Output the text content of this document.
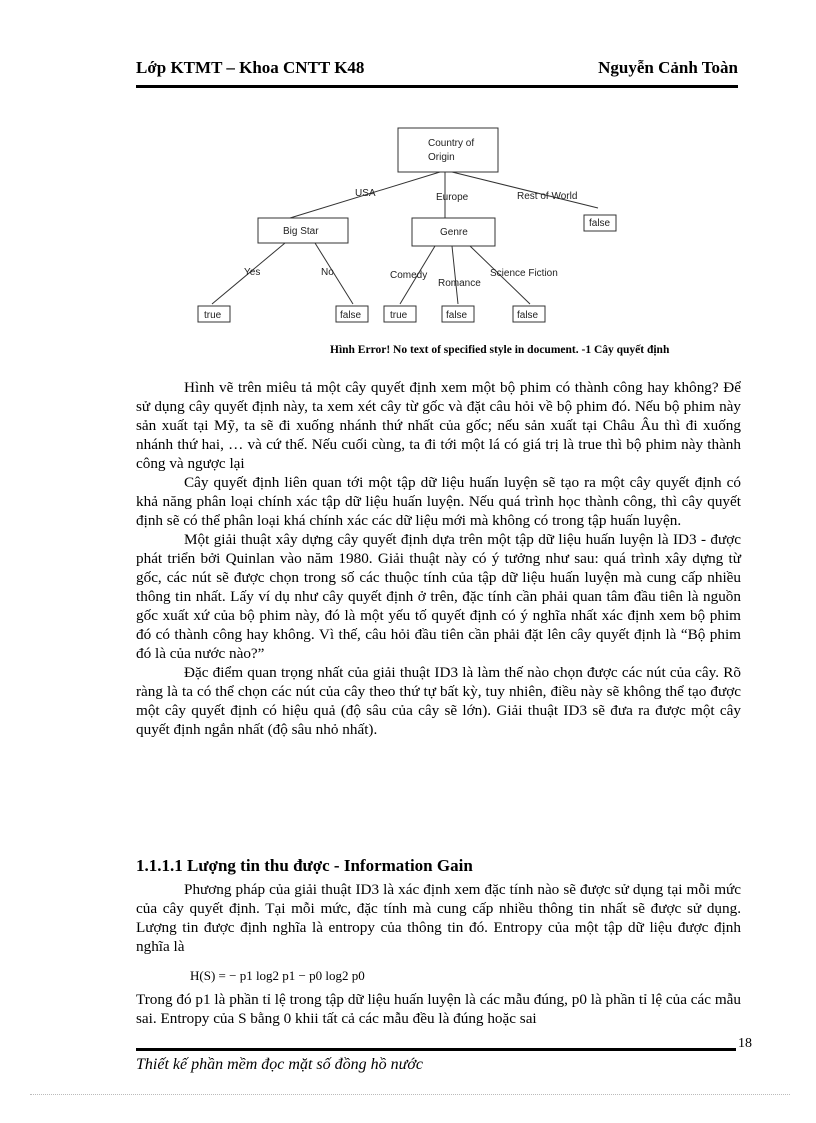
Lớp KTMT – Khoa CNTT K48	Nguyễn Cảnh Toàn
Country of
Origin
USA	Europe	Rest of World
Big Star	Genre
false
Yes	No	Comedy
Romance
Science Fiction
true	false	true	false	false
Hình Error! No text of specified style in document. -1 Cây quyết định

Hình vẽ trên miêu tả một cây quyết định xem một bộ phim có thành công hay không? Để sử dụng cây quyết định này, ta xem xét cây từ gốc và đặt câu hỏi về bộ phim đó. Nếu bộ phim này sản xuất tại Mỹ, ta sẽ đi xuống nhánh thứ nhất của gốc; nếu sản xuất tại Châu Âu thì đi xuống nhánh thứ hai, … và cứ thế. Nếu cuối cùng, ta đi tới một lá có giá trị là true thì bộ phim này thành công và ngược lại

Cây quyết định liên quan tới một tập dữ liệu huấn luyện sẽ tạo ra một cây quyết định có khả năng phân loại chính xác tập dữ liệu huấn luyện. Nếu quá trình học thành công, thì cây quyết định sẽ có thể phân loại khá chính xác các dữ liệu mới mà không có trong tập huấn luyện.

Một giải thuật xây dựng cây quyết định dựa trên một tập dữ liệu huấn luyện là ID3 - được phát triển bởi Quinlan vào năm 1980. Giải thuật này có ý tưởng như sau: quá trình xây dựng từ gốc, các nút sẽ được chọn trong số các thuộc tính của tập dữ liệu huấn luyện mà cung cấp nhiều thông tin nhất. Lấy ví dụ như cây quyết định ở trên, đặc tính cần phải quan tâm đầu tiên là nguồn gốc xuất xứ của bộ phim này, đó là một yếu tố quyết định có ý nghĩa nhất xác định xem bộ phim đó có thành công hay không. Vì thế, câu hỏi đầu tiên cần phải đặt lên cây quyết định là “Bộ phim đó là của nước nào?”

Đặc điểm quan trọng nhất của giải thuật ID3 là làm thế nào chọn được các nút của cây. Rõ ràng là ta có thể chọn các nút của cây theo thứ tự bất kỳ, tuy nhiên, điều này sẽ không thể tạo được một cây quyết định có hiệu quả (độ sâu của cây sẽ lớn). Giải thuật ID3 sẽ đưa ra được một cây quyết định ngắn nhất (độ sâu nhỏ nhất).

1.1.1.1 Lượng tin thu được - Information Gain

Phương pháp của giải thuật ID3 là xác định xem đặc tính nào sẽ được sử dụng tại mỗi mức của cây quyết định. Tại mỗi mức, đặc tính mà cung cấp nhiều thông tin nhất sẽ được sử dụng. Lượng tin được định nghĩa là entropy của thông tin đó. Entropy của một tập dữ liệu được định nghĩa là

H(S) = − p1 log2 p1 − p0 log2 p0

Trong đó p1 là phần tỉ lệ trong tập dữ liệu huấn luyện là các mẫu đúng, p0 là phần tỉ lệ của các mẫu sai. Entropy của S bằng 0 khii tất cả các mẫu đều là đúng hoặc sai

18
Thiết kế phần mềm đọc mặt số đồng hồ nước
